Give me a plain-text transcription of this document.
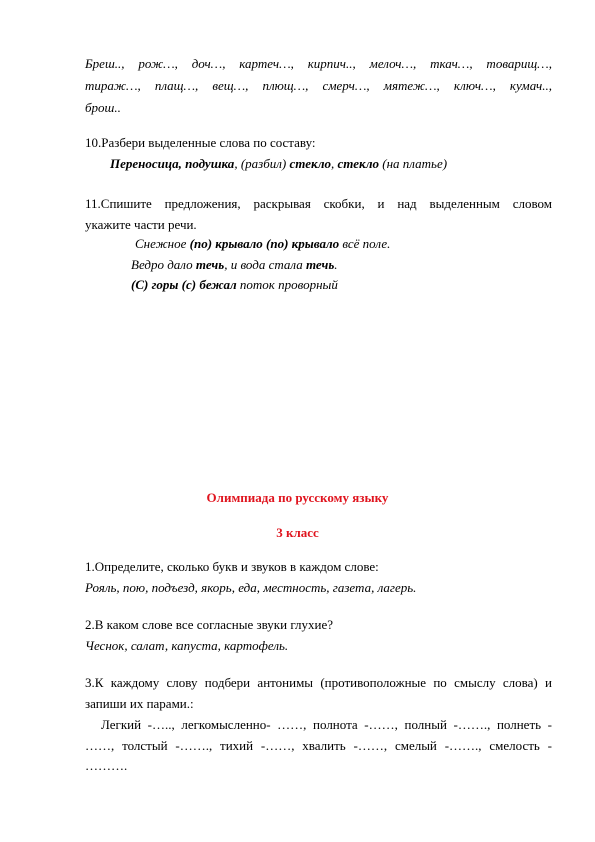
Бреш.., рож…, доч…, картеч…, кирпич.., мелоч…, ткач…, товарищ…,
тираж…, плащ…, вещ…, плющ…, смерч…, мятеж…, ключ…, кумач..,
брош..
10.Разбери выделенные слова по составу:
Переносица, подушка, (разбил) стекло, стекло (на платье)
11.Спишите предложения, раскрывая скобки, и над выделенным словом
укажите части речи.
Снежное (по) крывало (по) крывало всё поле.
Ведро дало течь, и вода стала течь.
(С) горы (с) бежал поток проворный
Олимпиада по русскому языку
3 класс
1.Определите, сколько букв и звуков в каждом слове:
Рояль, пою, подъезд, якорь, еда, местность, газета, лагерь.
2.В каком слове все согласные звуки глухие?
Чеснок, салат, капуста, картофель.
3.К каждому слову подбери антонимы (противоположные по смыслу слова) и
запиши их парами.:
Легкий -….., легкомысленно- ……, полнота -……, полный -……., полнеть -
……, толстый -……., тихий -……, хвалить -……, смелый -……., смелость -
……….
